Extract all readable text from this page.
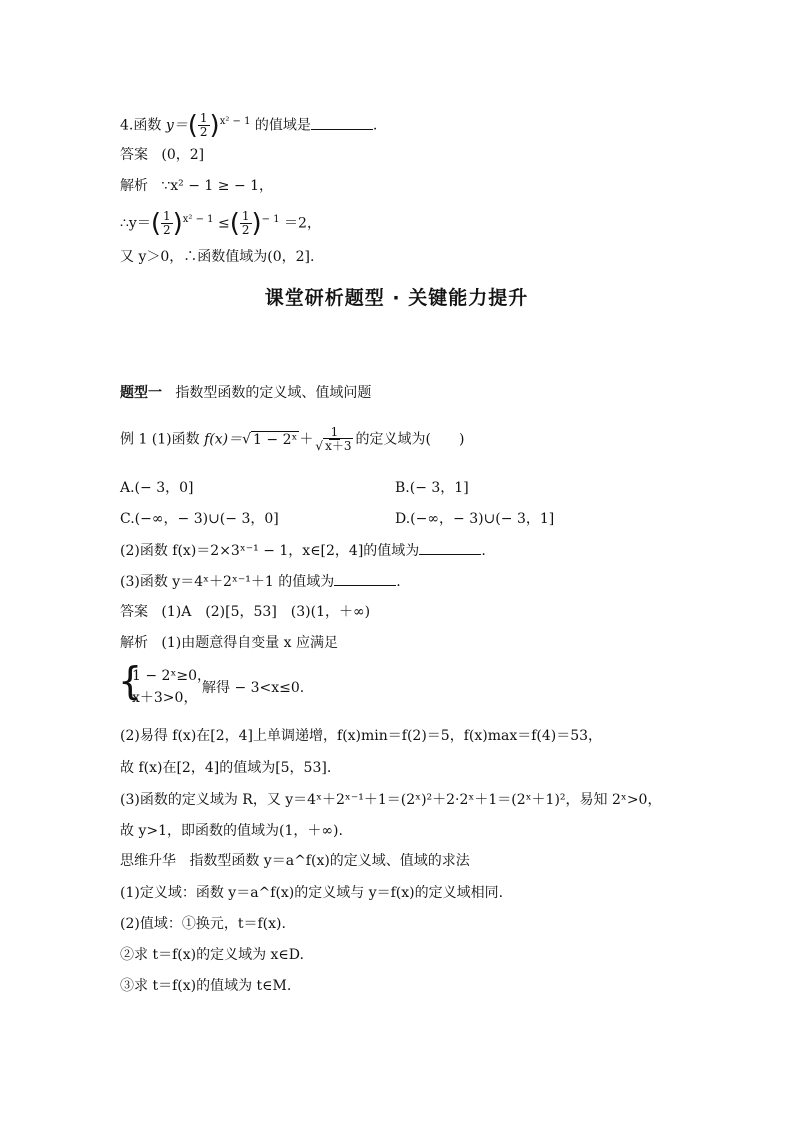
4.函数 $y=( \frac{1}{2} )^{x^2 - 1}$ 的值域是	.
答案 (0，2]
解析 ∵x² − 1 ≥ − 1，
∴y＝( $\frac{1}{2} )^{x^2 - 1}$ ≤( $\frac{1}{2} )^{- 1} =2$，
又 y＞0，∴函数值域为(0，2].
课堂研析题型 · 关键能力提升
题型一 指数型函数的定义域、值域问题
例 1 (1)函数 f(x)＝√ 1 − 2ˣ ＋ $\frac{1}{√ x+3}$ 的定义域为(　　)
A.(− 3，0]	B.(− 3，1]
C.(−∞，− 3)∪(− 3，0]	D.(−∞，− 3)∪(− 3，1]
(2)函数 f(x)＝2×3ˣ⁻¹ − 1，x∈[2，4]的值域为	.
(3)函数 y＝4ˣ＋2ˣ⁻¹＋1 的值域为	.
答案 (1)A　(2)[5，53]　(3)(1，＋∞)
解析 (1)由题意得自变量 x 应满足
{
1 − 2ˣ≥0，
x＋3>0，
解得 − 3<x≤0.
(2)易得 f(x)在[2，4]上单调递增，f(x)min＝f(2)＝5，f(x)max＝f(4)＝53，
故 f(x)在[2，4]的值域为[5，53].
(3)函数的定义域为 R，又 y＝4ˣ＋2ˣ⁻¹＋1＝(2ˣ)²＋2·2ˣ＋1＝(2ˣ＋1)²，易知 2ˣ>0，
故 y>1，即函数的值域为(1，＋∞).
思维升华 指数型函数 y＝a^f(x)的定义域、值域的求法
(1)定义域：函数 y＝a^f(x)的定义域与 y＝f(x)的定义域相同.
(2)值域：①换元，t＝f(x).
②求 t＝f(x)的定义域为 x∈D.
③求 t＝f(x)的值域为 t∈M.
